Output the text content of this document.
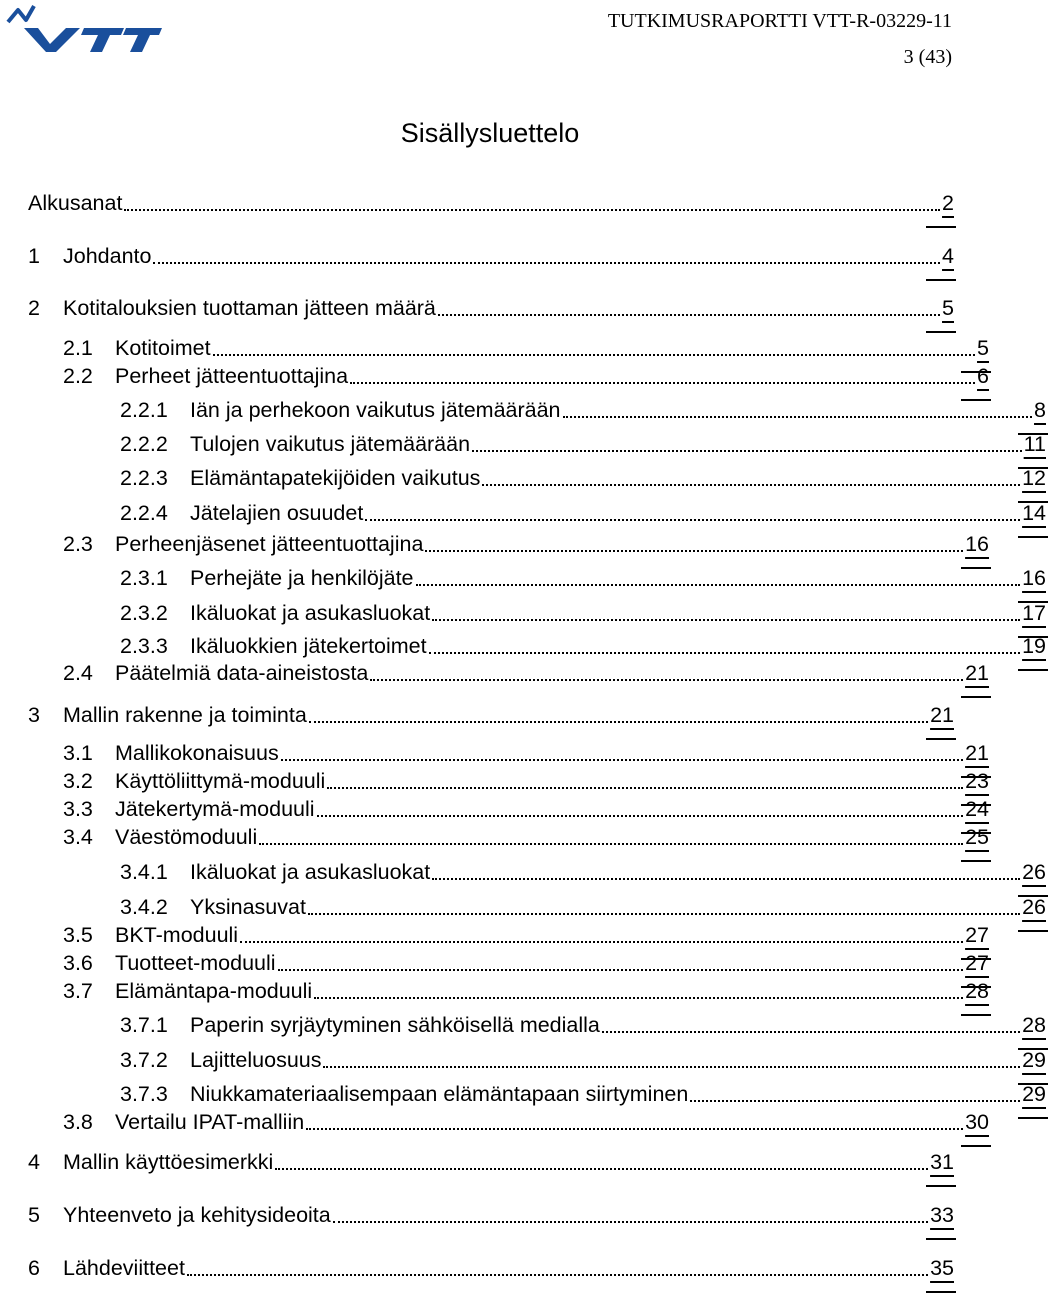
TUTKIMUSRAPORTTI VTT-R-03229-11
3 (43)
Sisällysluettelo
Alkusanat	2
1	Johdanto	4
2	Kotitalouksien tuottaman jätteen määrä	5
2.1	Kotitoimet	5
2.2	Perheet jätteentuottajina	6
2.2.1	Iän ja perhekoon vaikutus jätemäärään	8
2.2.2	Tulojen vaikutus jätemäärään	11
2.2.3	Elämäntapatekijöiden vaikutus	12
2.2.4	Jätelajien osuudet	14
2.3	Perheenjäsenet jätteentuottajina	16
2.3.1	Perhejäte ja henkilöjäte	16
2.3.2	Ikäluokat ja asukasluokat	17
2.3.3	Ikäluokkien jätekertoimet	19
2.4	Päätelmiä data-aineistosta	21
3	Mallin rakenne ja toiminta	21
3.1	Mallikokonaisuus	21
3.2	Käyttöliittymä-moduuli	23
3.3	Jätekertymä-moduuli	24
3.4	Väestömoduuli	25
3.4.1	Ikäluokat ja asukasluokat	26
3.4.2	Yksinasuvat	26
3.5	BKT-moduuli	27
3.6	Tuotteet-moduuli	27
3.7	Elämäntapa-moduuli	28
3.7.1	Paperin syrjäytyminen sähköisellä medialla	28
3.7.2	Lajitteluosuus	29
3.7.3	Niukkamateriaalisempaan elämäntapaan siirtyminen	29
3.8	Vertailu IPAT-malliin	30
4	Mallin käyttöesimerkki	31
5	Yhteenveto ja kehitysideoita	33
6	Lähdeviitteet	35
